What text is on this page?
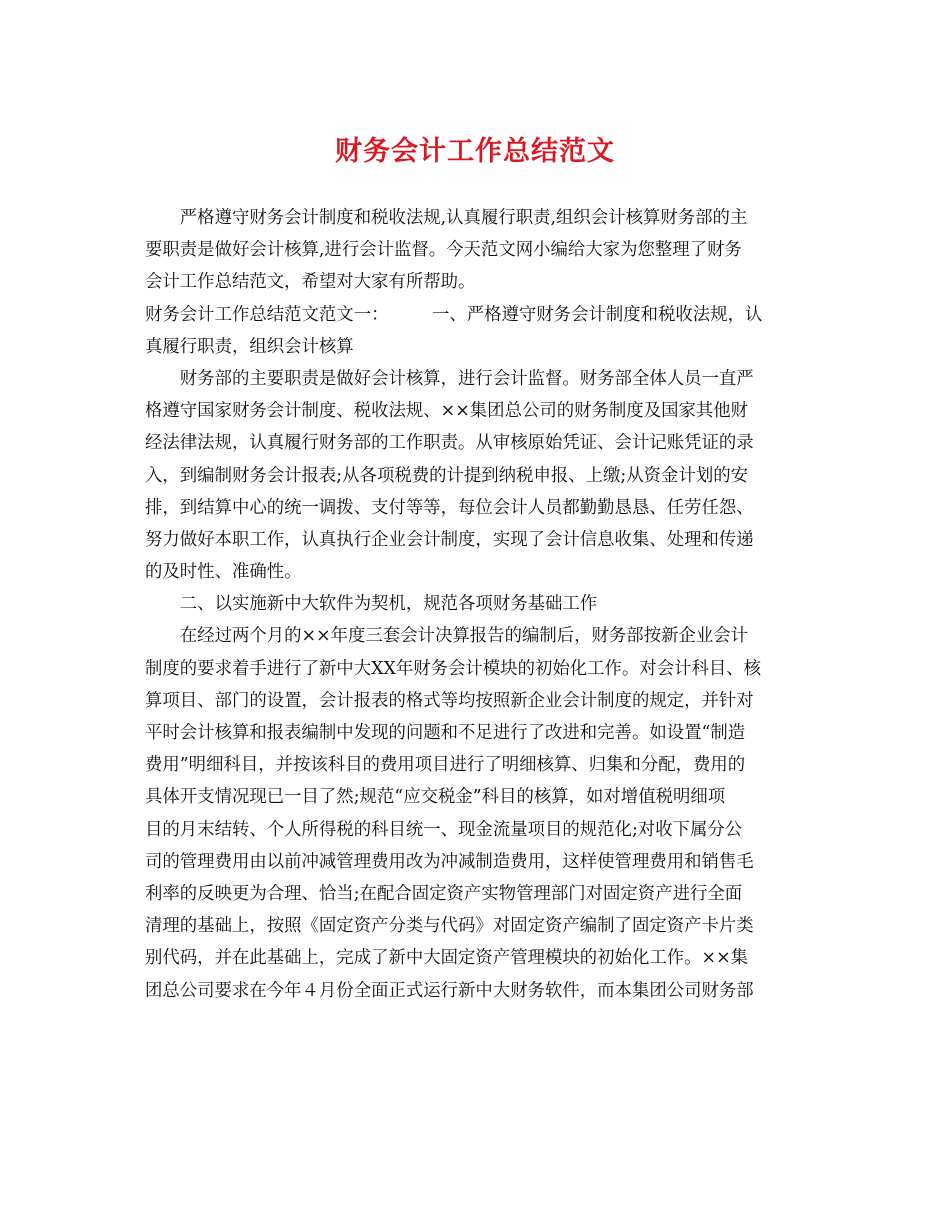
财务会计工作总结范文
　　严格遵守财务会计制度和税收法规,认真履行职责,组织会计核算财务部的主
要职责是做好会计核算,进行会计监督。今天范文网小编给大家为您整理了财务
会计工作总结范文，希望对大家有所帮助。
财务会计工作总结范文范文一：　　　一、严格遵守财务会计制度和税收法规，认
真履行职责，组织会计核算
　　财务部的主要职责是做好会计核算，进行会计监督。财务部全体人员一直严
格遵守国家财务会计制度、税收法规、××集团总公司的财务制度及国家其他财
经法律法规，认真履行财务部的工作职责。从审核原始凭证、会计记账凭证的录
入，到编制财务会计报表;从各项税费的计提到纳税申报、上缴;从资金计划的安
排，到结算中心的统一调拨、支付等等，每位会计人员都勤勤恳恳、任劳任怨、
努力做好本职工作，认真执行企业会计制度，实现了会计信息收集、处理和传递
的及时性、准确性。
　　二、以实施新中大软件为契机，规范各项财务基础工作
　　在经过两个月的××年度三套会计决算报告的编制后，财务部按新企业会计
制度的要求着手进行了新中大XX年财务会计模块的初始化工作。对会计科目、核
算项目、部门的设置，会计报表的格式等均按照新企业会计制度的规定，并针对
平时会计核算和报表编制中发现的问题和不足进行了改进和完善。如设置“制造
费用”明细科目，并按该科目的费用项目进行了明细核算、归集和分配，费用的
具体开支情况现已一目了然;规范“应交税金”科目的核算，如对增值税明细项
目的月末结转、个人所得税的科目统一、现金流量项目的规范化;对收下属分公
司的管理费用由以前冲减管理费用改为冲减制造费用，这样使管理费用和销售毛
利率的反映更为合理、恰当;在配合固定资产实物管理部门对固定资产进行全面
清理的基础上，按照《固定资产分类与代码》对固定资产编制了固定资产卡片类
别代码，并在此基础上，完成了新中大固定资产管理模块的初始化工作。××集
团总公司要求在今年４月份全面正式运行新中大财务软件，而本集团公司财务部
